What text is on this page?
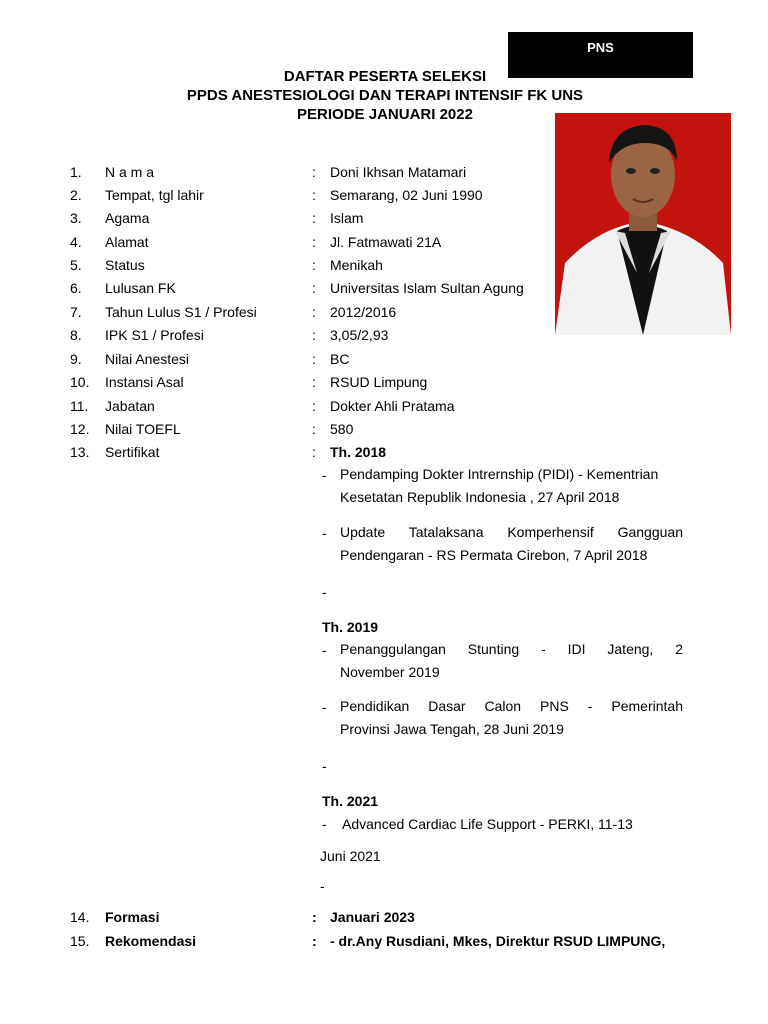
PNS
DAFTAR PESERTA SELEKSI
PPDS ANESTESIOLOGI DAN TERAPI INTENSIF FK UNS
PERIODE JANUARI 2022
1. N a m a	: Doni Ikhsan Matamari
2. Tempat, tgl lahir	: Semarang, 02 Juni 1990
3. Agama	: Islam
4. Alamat	: Jl. Fatmawati 21A
5. Status	: Menikah
6. Lulusan FK	: Universitas Islam Sultan Agung
7. Tahun Lulus S1 / Profesi	: 2012/2016
8. IPK S1 / Profesi	: 3,05/2,93
9. Nilai Anestesi	: BC
10. Instansi Asal	: RSUD Limpung
11. Jabatan	: Dokter Ahli Pratama
12. Nilai TOEFL	: 580
13. Sertifikat	: Th. 2018
- Pendamping Dokter Intrernship (PIDI) - Kementrian
Kesetatan Republik Indonesia , 27 April 2018
- Update Tatalaksana Komperhensif Gangguan
Pendengaran - RS Permata Cirebon, 7 April 2018
-
Th. 2019
- Penanggulangan Stunting - IDI Jateng, 2
November 2019
- Pendidikan Dasar Calon PNS - Pemerintah
Provinsi Jawa Tengah, 28 Juni 2019
-
Th. 2021
- Advanced Cardiac Life Support - PERKI, 11-13
Juni 2021
-
14. Formasi	: Januari 2023
15. Rekomendasi	: - dr.Any Rusdiani, Mkes, Direktur RSUD LIMPUNG,
